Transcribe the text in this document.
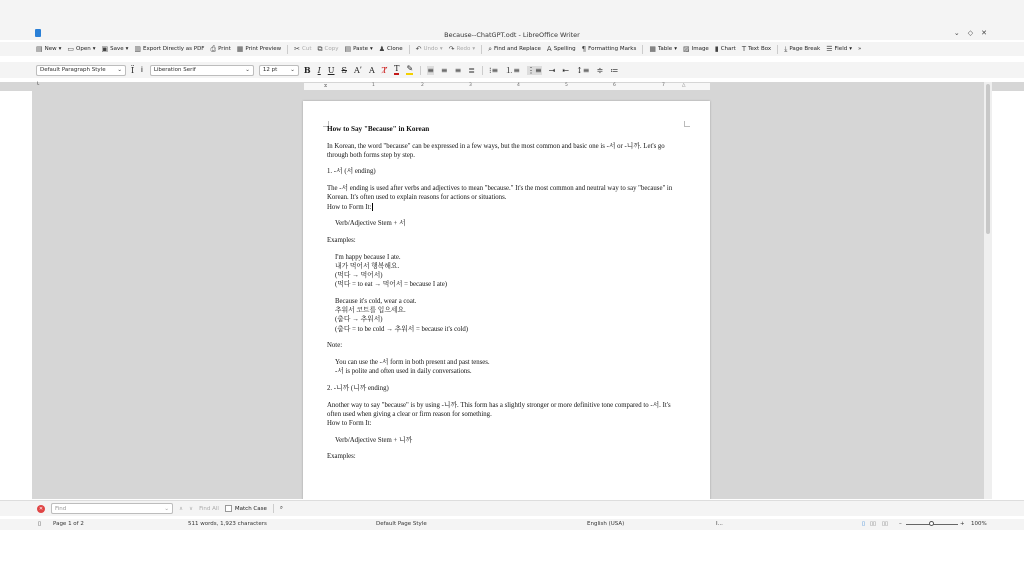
Because--ChatGPT.odt - LibreOffice Writer	⌄ ◇ ✕
▤ New ▾ ▭ Open ▾ ▣ Save ▾ ▥ Export Directly as PDF ⎙ Print ▦ Print Preview ✂ Cut ⧉ Copy ▤ Paste ▾ ♟ Clone ↶ Undo ▾ ↷ Redo ▾ ⌕ Find and Replace A Spelling ¶ Formatting Marks ▦ Table ▾ ▨ Image ▮ Chart T Text Box ⤓ Page Break ☰ Field ▾ »
Default Paragraph Style ⌄ Ϊ Ꭵ Liberation Serif	⌄ 12 pt ⌄ B I U S Aʹ A Ⱦ T ✎ ≡ ≡ ≡ ≣ ⁝≡ ⒈≡ ⋮≡ ⇥ ⇤ ↕≡ ≑ ≔
└	⧖	1	2	3	4	5	6	7	△
How to Say "Because" in Korean

In Korean, the word "because" can be expressed in a few ways, but the most common and basic one is -서 or -니까. Let's go through both forms step by step.

1. -서 (서 ending)

The -서 ending is used after verbs and adjectives to mean "because." It's the most common and neutral way to say "because" in Korean. It's often used to explain reasons for actions or situations.

How to Form It:

Verb/Adjective Stem + 서

Examples:

I'm happy because I ate.

내가 먹어서 행복해요.

(먹다 → 먹어서)

(먹다 = to eat → 먹어서 = because I ate)

Because it's cold, wear a coat.

추워서 코트를 입으세요.

(춥다 → 추워서)

(춥다 = to be cold → 추워서 = because it's cold)

Note:

You can use the -서 form in both present and past tenses.

-서 is polite and often used in daily conversations.

2. -니까 (니까 ending)

Another way to say "because" is by using -니까. This form has a slightly stronger or more definitive tone compared to -서. It's often used when giving a clear or firm reason for something.

How to Form It:

Verb/Adjective Stem + 니까

Examples:

✕	Find	⌄ ∧ ∨ Find All	Match Case ⌕
▯ Page 1 of 2	511 words, 1,923 characters	Default Page Style	English (USA)	I...	▯ ▯▯ ▯▯ –	+ 100%
